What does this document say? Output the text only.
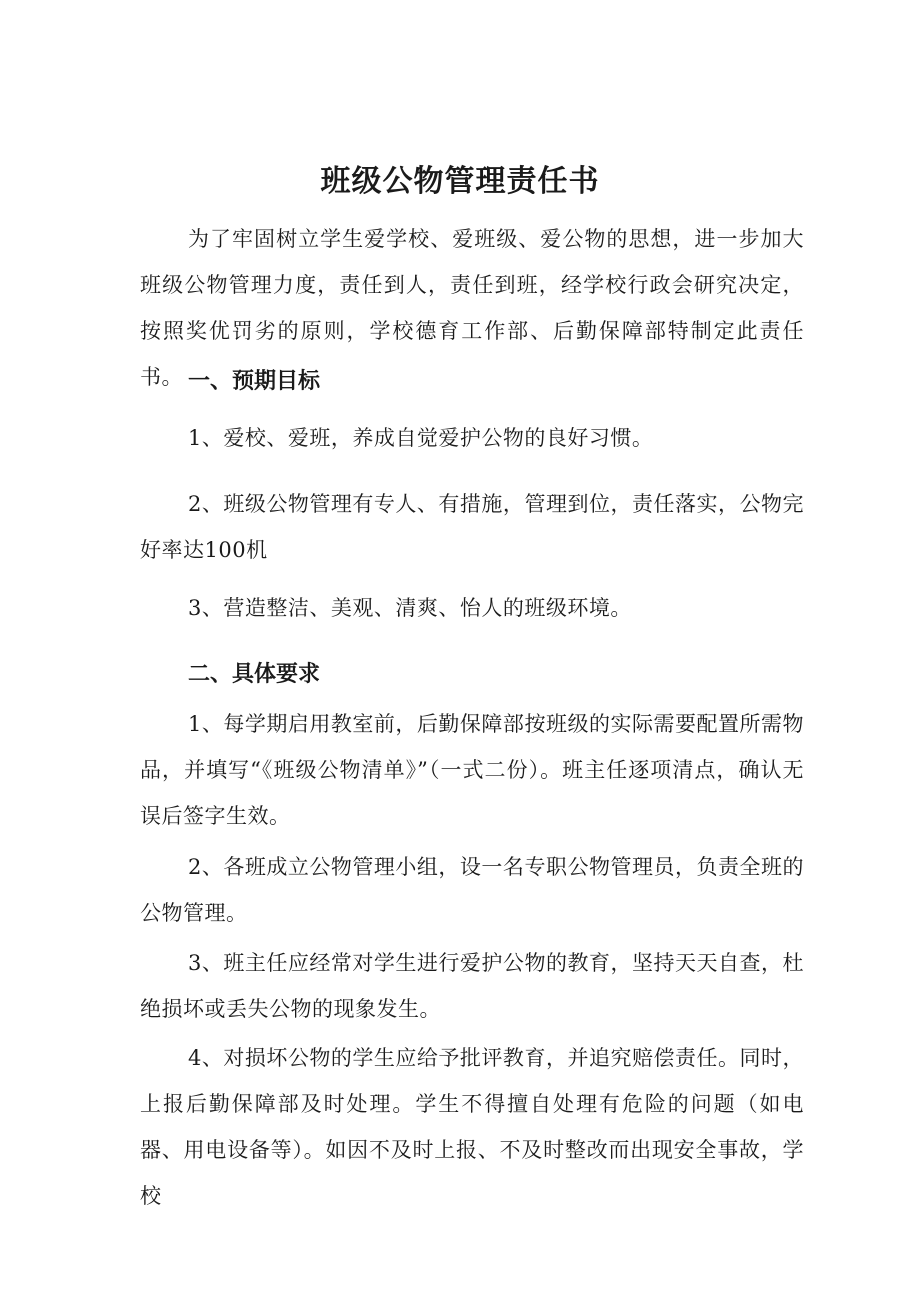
班级公物管理责任书

为了牢固树立学生爱学校、爱班级、爱公物的思想，进一步加大班级公物管理力度，责任到人，责任到班，经学校行政会研究决定，按照奖优罚劣的原则，学校德育工作部、后勤保障部特制定此责任书。 一、预期目标

1、爱校、爱班，养成自觉爱护公物的良好习惯。

2、班级公物管理有专人、有措施，管理到位，责任落实，公物完好率达100机

3、营造整洁、美观、清爽、怡人的班级环境。

二、具体要求

1、每学期启用教室前，后勤保障部按班级的实际需要配置所需物品，并填写“《班级公物清单》”（一式二份）。班主任逐项清点，确认无误后签字生效。

2、各班成立公物管理小组，设一名专职公物管理员，负责全班的公物管理。

3、班主任应经常对学生进行爱护公物的教育，坚持天天自查，杜绝损坏或丢失公物的现象发生。

4、对损坏公物的学生应给予批评教育，并追究赔偿责任。同时，上报后勤保障部及时处理。学生不得擅自处理有危险的问题（如电器、用电设备等）。如因不及时上报、不及时整改而出现安全事故，学校
